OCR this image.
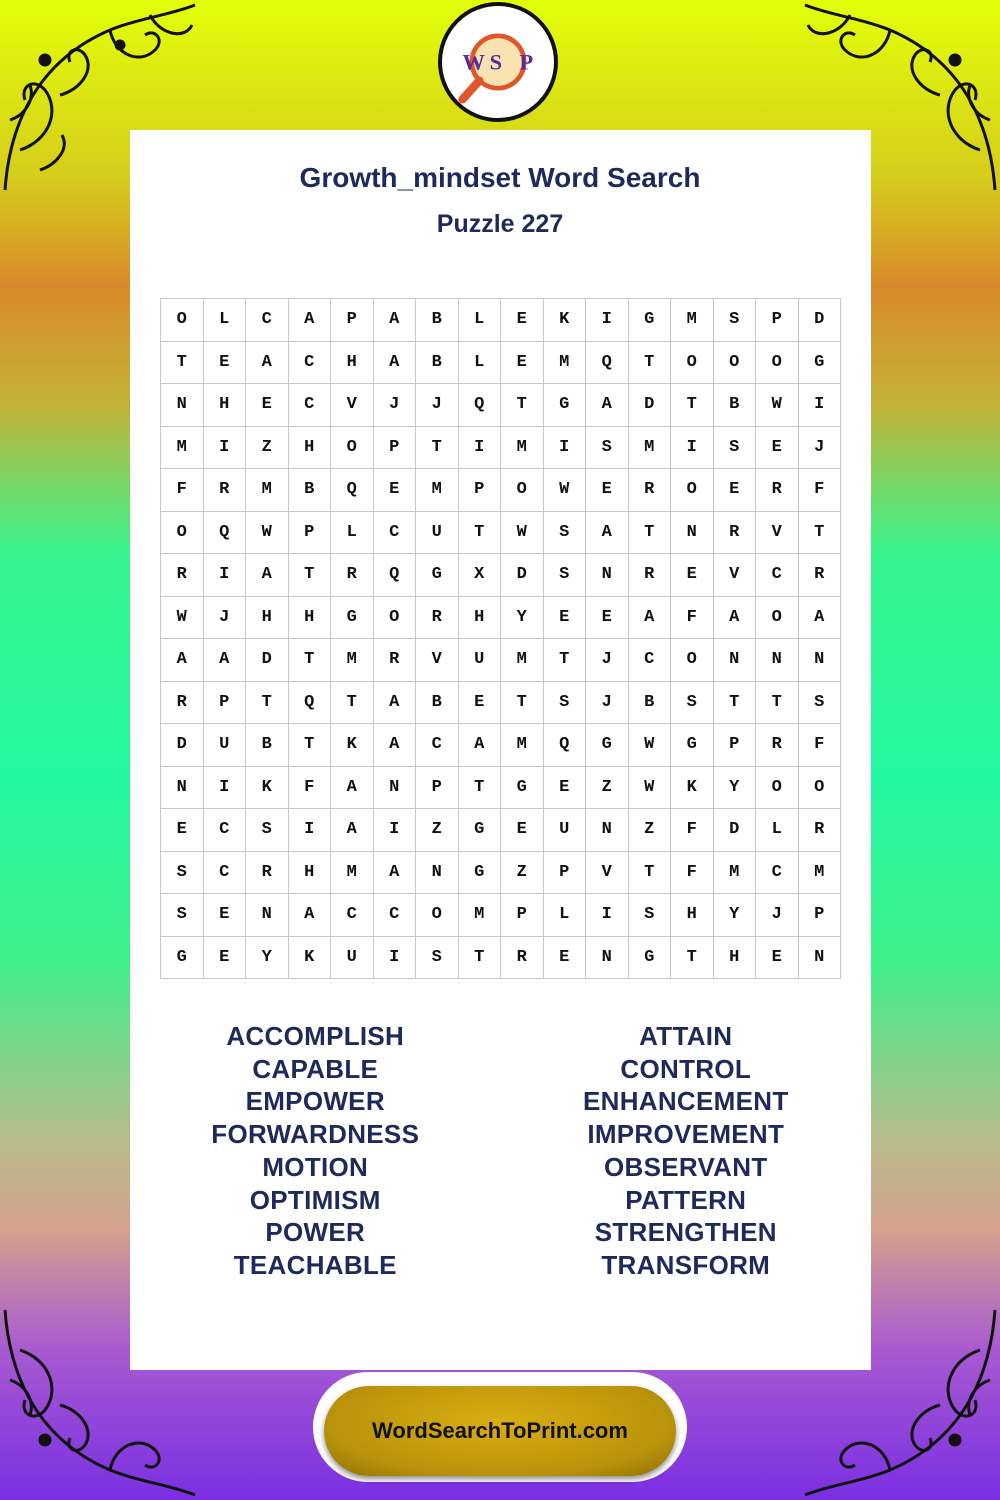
W S P
Growth_mindset Word Search
Puzzle 227
O	L	C	A	P	A	B	L	E	K	I	G	M	S	P	D
T	E	A	C	H	A	B	L	E	M	Q	T	O	O	O	G
N	H	E	C	V	J	J	Q	T	G	A	D	T	B	W	I
M	I	Z	H	O	P	T	I	M	I	S	M	I	S	E	J
F	R	M	B	Q	E	M	P	O	W	E	R	O	E	R	F
O	Q	W	P	L	C	U	T	W	S	A	T	N	R	V	T
R	I	A	T	R	Q	G	X	D	S	N	R	E	V	C	R
W	J	H	H	G	O	R	H	Y	E	E	A	F	A	O	A
A	A	D	T	M	R	V	U	M	T	J	C	O	N	N	N
R	P	T	Q	T	A	B	E	T	S	J	B	S	T	T	S
D	U	B	T	K	A	C	A	M	Q	G	W	G	P	R	F
N	I	K	F	A	N	P	T	G	E	Z	W	K	Y	O	O
E	C	S	I	A	I	Z	G	E	U	N	Z	F	D	L	R
S	C	R	H	M	A	N	G	Z	P	V	T	F	M	C	M
S	E	N	A	C	C	O	M	P	L	I	S	H	Y	J	P
G	E	Y	K	U	I	S	T	R	E	N	G	T	H	E	N
ACCOMPLISH
CAPABLE
EMPOWER
FORWARDNESS
MOTION
OPTIMISM
POWER
TEACHABLE
ATTAIN
CONTROL
ENHANCEMENT
IMPROVEMENT
OBSERVANT
PATTERN
STRENGTHEN
TRANSFORM
WordSearchToPrint.com
